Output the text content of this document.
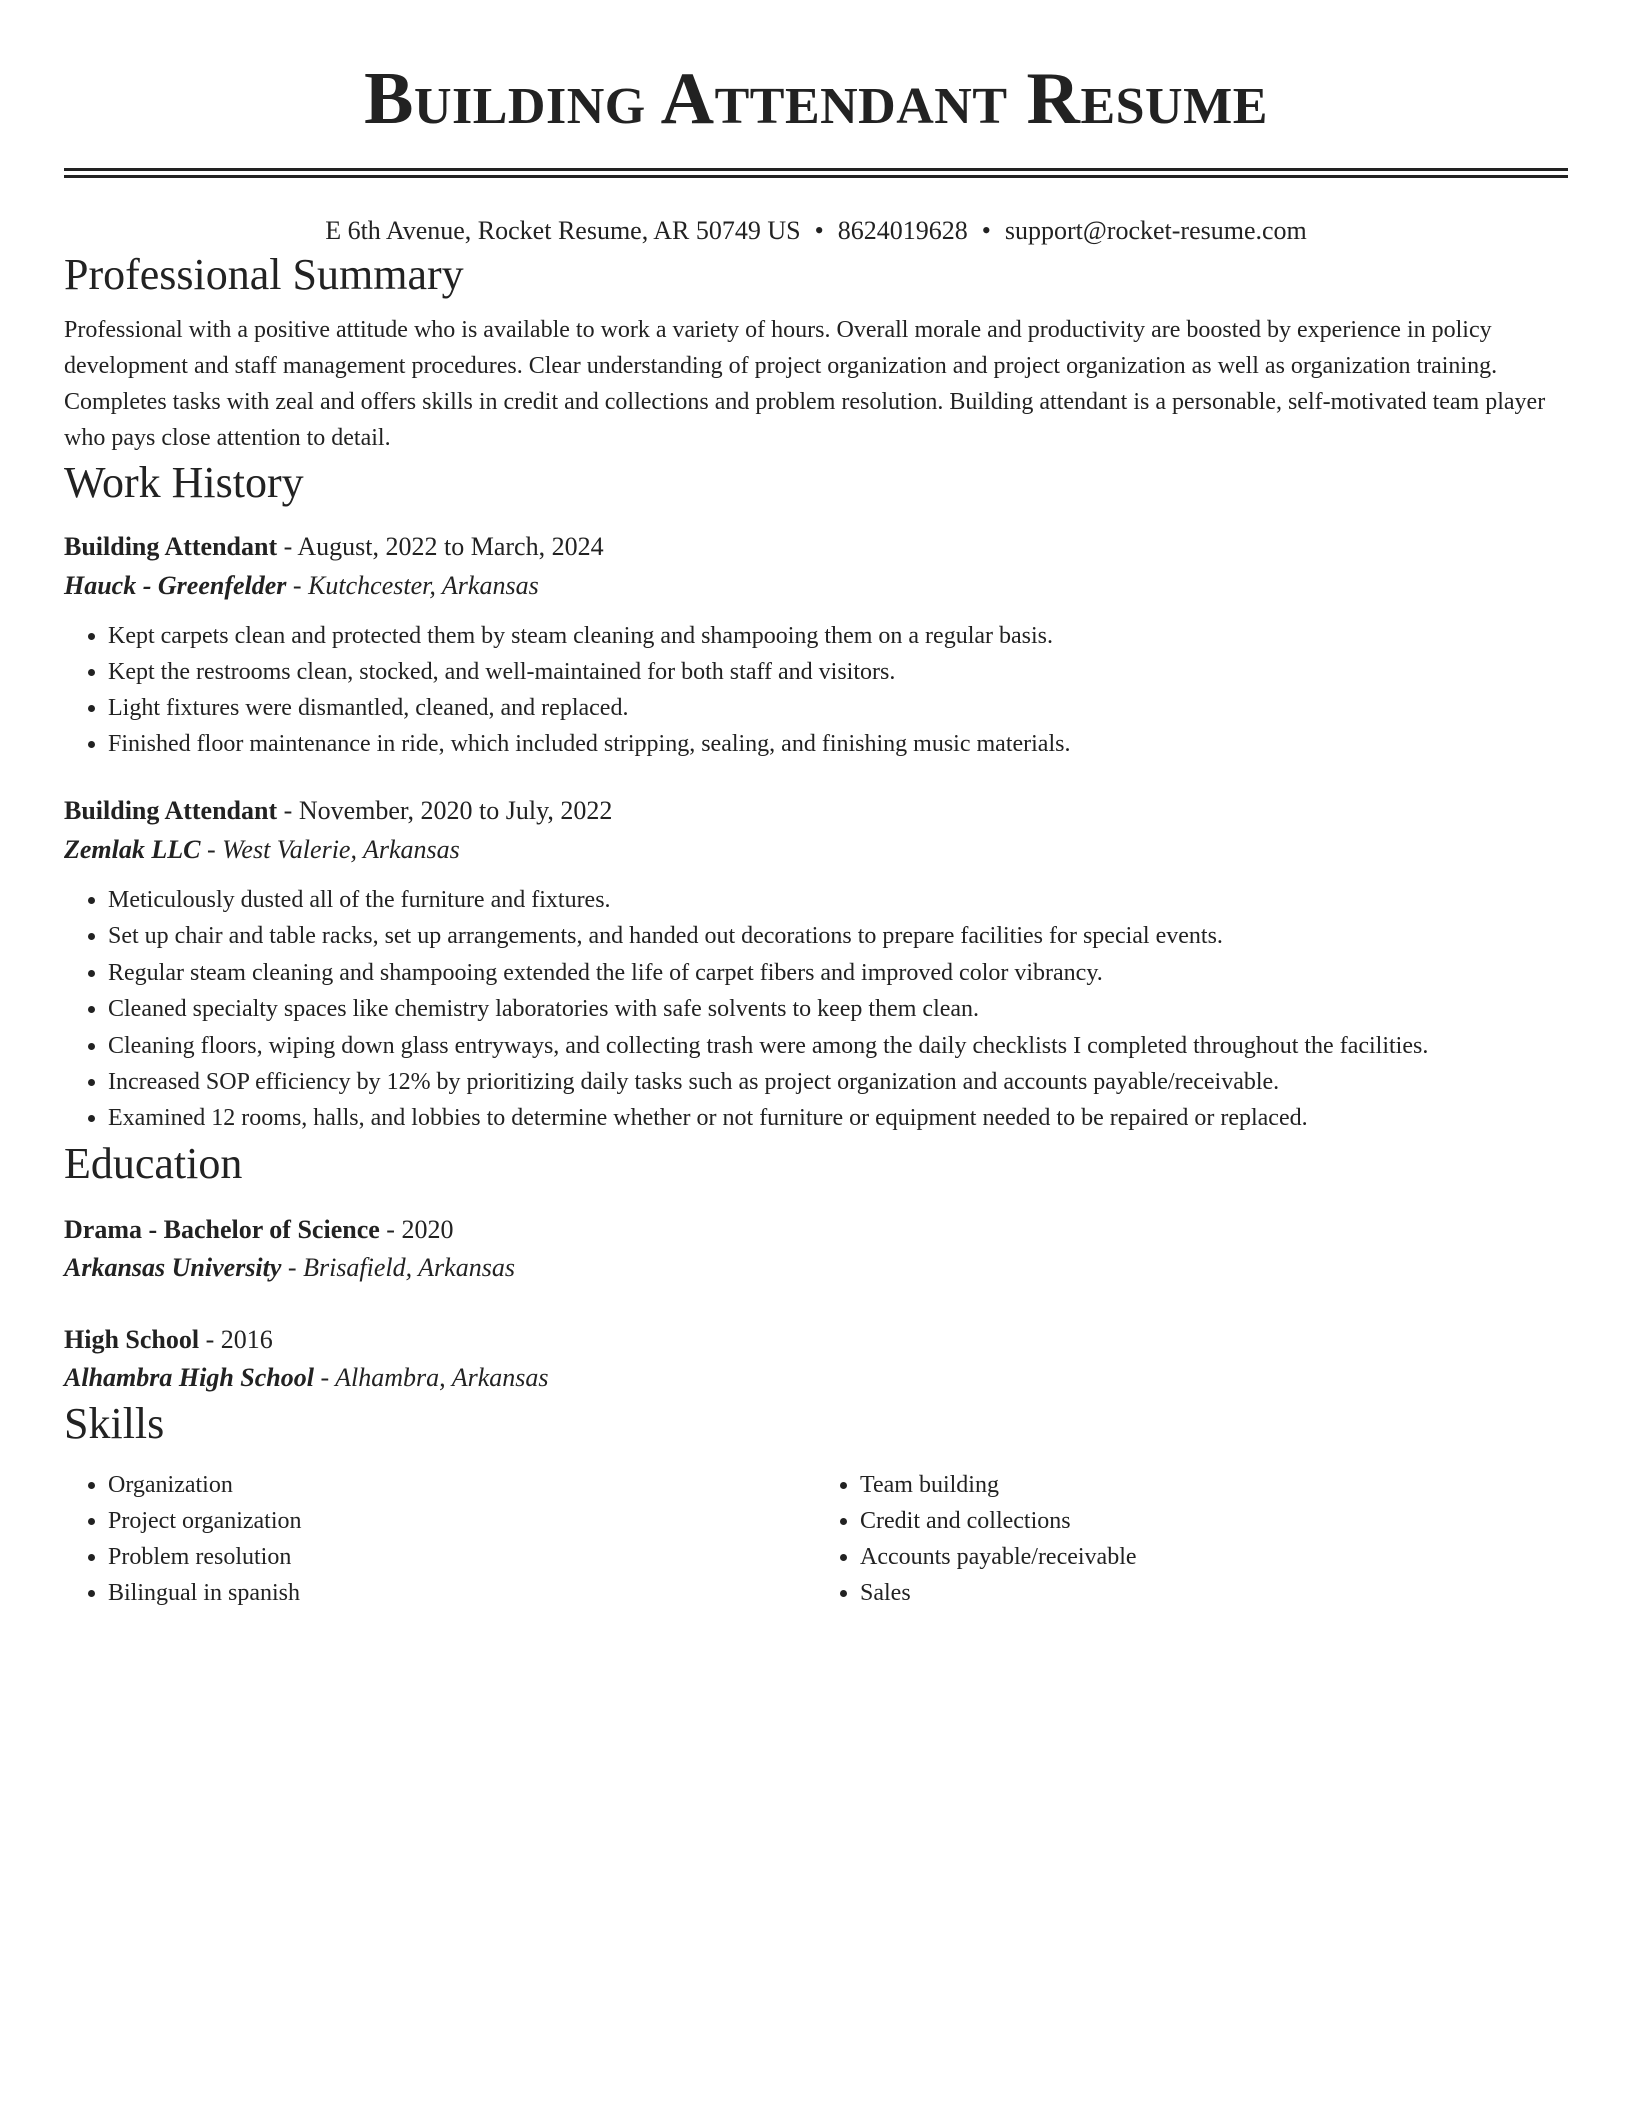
Building Attendant Resume
E 6th Avenue, Rocket Resume, AR 50749 US • 8624019628 • support@rocket-resume.com
Professional Summary

Professional with a positive attitude who is available to work a variety of hours. Overall morale and productivity are boosted by experience in policy development and staff management procedures. Clear understanding of project organization and project organization as well as organization training. Completes tasks with zeal and offers skills in credit and collections and problem resolution. Building attendant is a personable, self-motivated team player who pays close attention to detail.

Work History
Building Attendant - August, 2022 to March, 2024
Hauck - Greenfelder - Kutchcester, Arkansas
• Kept carpets clean and protected them by steam cleaning and shampooing them on a regular basis.
• Kept the restrooms clean, stocked, and well-maintained for both staff and visitors.
• Light fixtures were dismantled, cleaned, and replaced.
• Finished floor maintenance in ride, which included stripping, sealing, and finishing music materials.
Building Attendant - November, 2020 to July, 2022
Zemlak LLC - West Valerie, Arkansas
• Meticulously dusted all of the furniture and fixtures.
• Set up chair and table racks, set up arrangements, and handed out decorations to prepare facilities for special events.
• Regular steam cleaning and shampooing extended the life of carpet fibers and improved color vibrancy.
• Cleaned specialty spaces like chemistry laboratories with safe solvents to keep them clean.
• Cleaning floors, wiping down glass entryways, and collecting trash were among the daily checklists I completed throughout the facilities.
• Increased SOP efficiency by 12% by prioritizing daily tasks such as project organization and accounts payable/receivable.
• Examined 12 rooms, halls, and lobbies to determine whether or not furniture or equipment needed to be repaired or replaced.
Education
Drama - Bachelor of Science - 2020
Arkansas University - Brisafield, Arkansas
High School - 2016
Alhambra High School - Alhambra, Arkansas
Skills
• Organization
• Project organization
• Problem resolution
• Bilingual in spanish
• Team building
• Credit and collections
• Accounts payable/receivable
• Sales
